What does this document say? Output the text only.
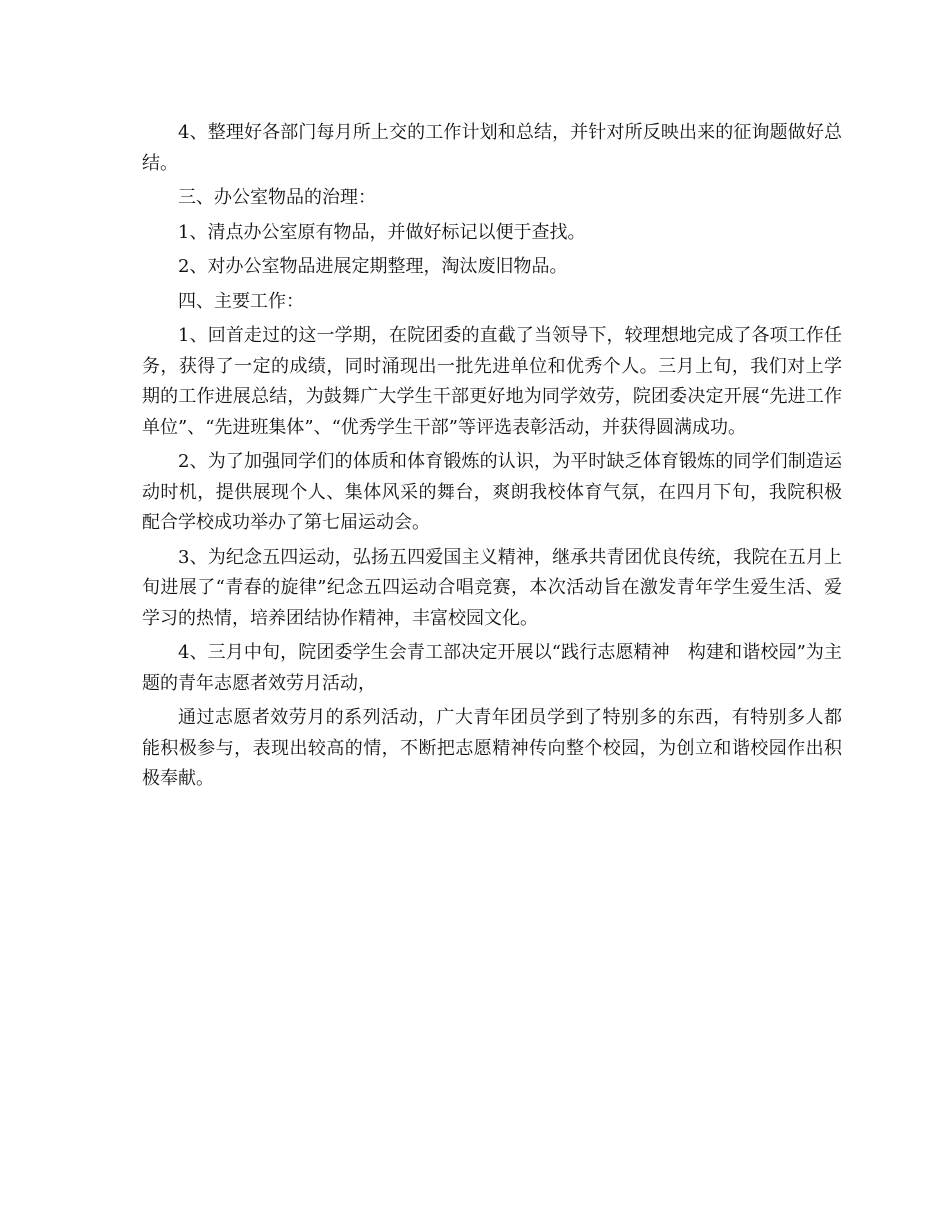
4、整理好各部门每月所上交的工作计划和总结，并针对所反映出来的征询题做好总结。

三、办公室物品的治理：

1、清点办公室原有物品，并做好标记以便于查找。

2、对办公室物品进展定期整理，淘汰废旧物品。

四、主要工作：

1、回首走过的这一学期，在院团委的直截了当领导下，较理想地完成了各项工作任务，获得了一定的成绩，同时涌现出一批先进单位和优秀个人。三月上旬，我们对上学期的工作进展总结，为鼓舞广大学生干部更好地为同学效劳，院团委决定开展“先进工作单位”、“先进班集体”、“优秀学生干部”等评选表彰活动，并获得圆满成功。

2、为了加强同学们的体质和体育锻炼的认识，为平时缺乏体育锻炼的同学们制造运动时机，提供展现个人、集体风采的舞台，爽朗我校体育气氛，在四月下旬，我院积极配合学校成功举办了第七届运动会。

3、为纪念五四运动，弘扬五四爱国主义精神，继承共青团优良传统，我院在五月上旬进展了“青春的旋律”纪念五四运动合唱竞赛，本次活动旨在激发青年学生爱生活、爱学习的热情，培养团结协作精神，丰富校园文化。

4、三月中旬，院团委学生会青工部决定开展以“践行志愿精神　构建和谐校园”为主题的青年志愿者效劳月活动，

通过志愿者效劳月的系列活动，广大青年团员学到了特别多的东西，有特别多人都能积极参与，表现出较高的情，不断把志愿精神传向整个校园，为创立和谐校园作出积极奉献。
